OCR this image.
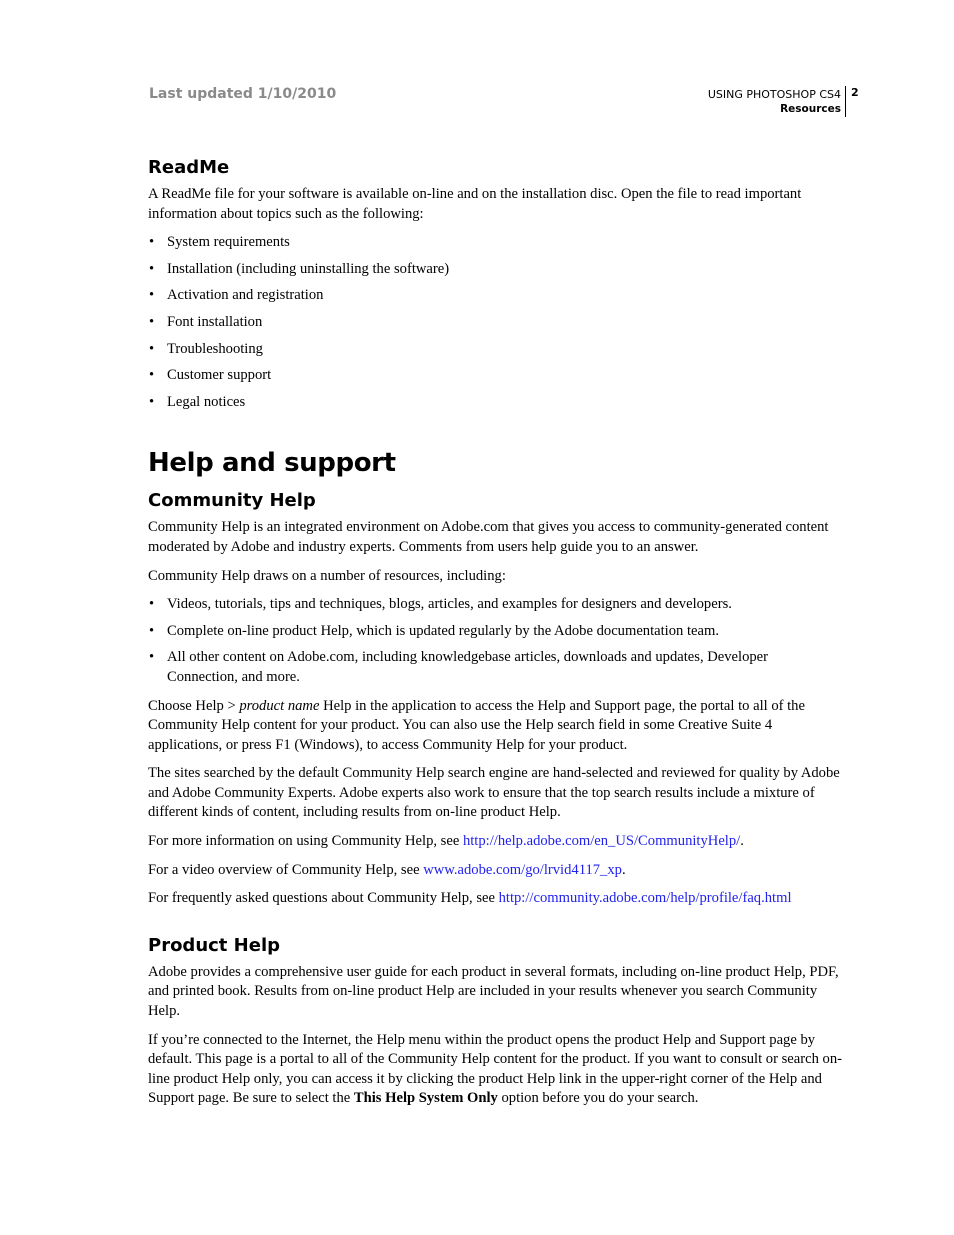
Last updated 1/10/2010	USING PHOTOSHOP CS4
Resources
2
ReadMe

A ReadMe file for your software is available on-line and on the installation disc. Open the file to read important information about topics such as the following:

• System requirements
• Installation (including uninstalling the software)
• Activation and registration
• Font installation
• Troubleshooting
• Customer support
• Legal notices
Help and support
Community Help

Community Help is an integrated environment on Adobe.com that gives you access to community-generated content moderated by Adobe and industry experts. Comments from users help guide you to an answer.

Community Help draws on a number of resources, including:

• Videos, tutorials, tips and techniques, blogs, articles, and examples for designers and developers.
• Complete on-line product Help, which is updated regularly by the Adobe documentation team.
• All other content on Adobe.com, including knowledgebase articles, downloads and updates, Developer Connection, and more.

Choose Help > product name Help in the application to access the Help and Support page, the portal to all of the Community Help content for your product. You can also use the Help search field in some Creative Suite 4 applications, or press F1 (Windows), to access Community Help for your product.

The sites searched by the default Community Help search engine are hand-selected and reviewed for quality by Adobe and Adobe Community Experts. Adobe experts also work to ensure that the top search results include a mixture of different kinds of content, including results from on-line product Help.

For more information on using Community Help, see http://help.adobe.com/en_US/CommunityHelp/.

For a video overview of Community Help, see www.adobe.com/go/lrvid4117_xp.

For frequently asked questions about Community Help, see http://community.adobe.com/help/profile/faq.html

Product Help

Adobe provides a comprehensive user guide for each product in several formats, including on-line product Help, PDF, and printed book. Results from on-line product Help are included in your results whenever you search Community Help.

If you’re connected to the Internet, the Help menu within the product opens the product Help and Support page by default. This page is a portal to all of the Community Help content for the product. If you want to consult or search on-line product Help only, you can access it by clicking the product Help link in the upper-right corner of the Help and Support page. Be sure to select the This Help System Only option before you do your search.
